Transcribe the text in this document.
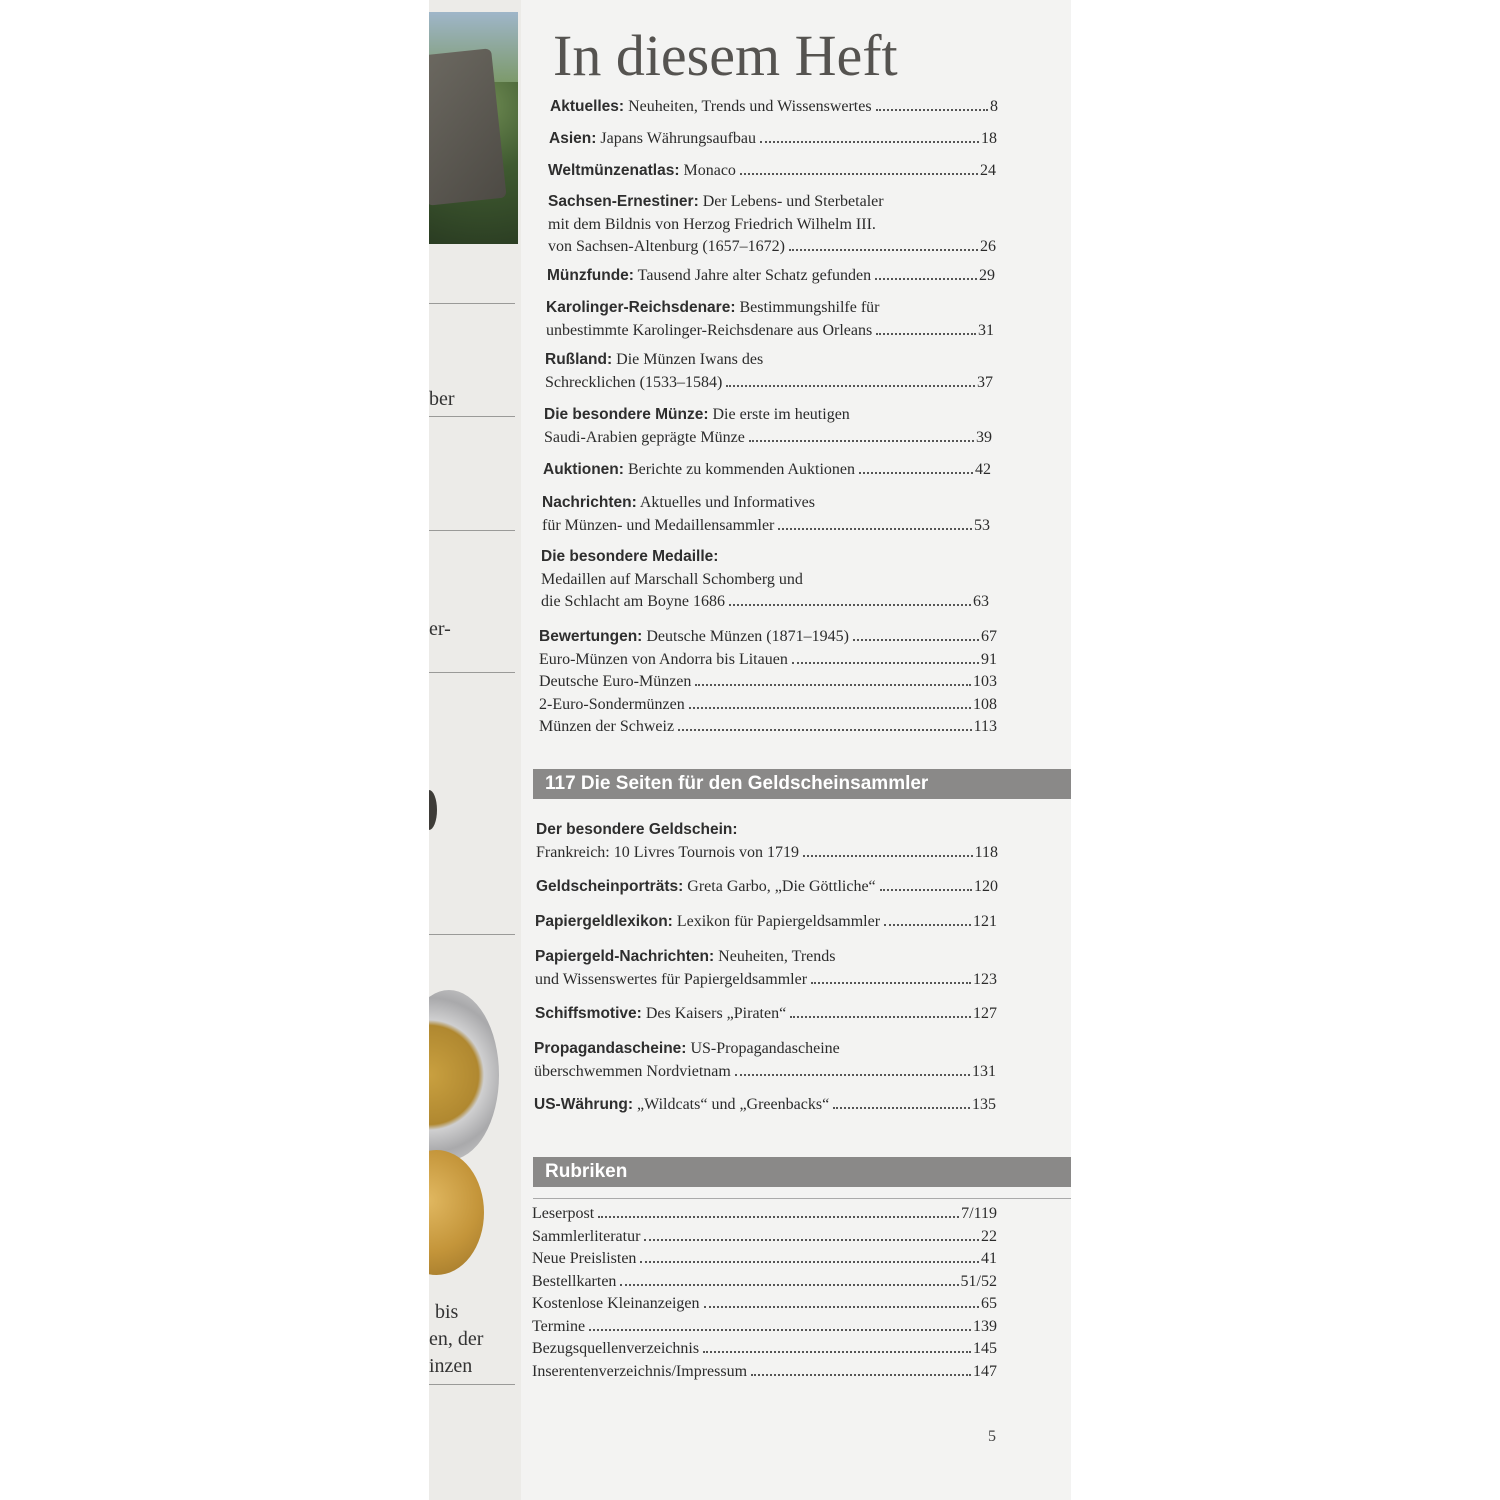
ber
er-
bis
en, der
inzen
In diesem Heft
117 Die Seiten für den Geldscheinsammler
Rubriken
5
Aktuelles: Neuheiten, Trends und Wissenswertes	8
Asien: Japans Währungsaufbau	18
Weltmünzenatlas: Monaco	24
Sachsen-Ernestiner: Der Lebens- und Sterbetaler
mit dem Bildnis von Herzog Friedrich Wilhelm III.
von Sachsen-Altenburg (1657–1672)	26
Münzfunde: Tausend Jahre alter Schatz gefunden	29
Karolinger-Reichsdenare: Bestimmungshilfe für
unbestimmte Karolinger-Reichsdenare aus Orleans	31
Rußland: Die Münzen Iwans des
Schrecklichen (1533–1584)	37
Die besondere Münze: Die erste im heutigen
Saudi-Arabien geprägte Münze	39
Auktionen: Berichte zu kommenden Auktionen	42
Nachrichten: Aktuelles und Informatives
für Münzen- und Medaillensammler	53
Die besondere Medaille:
Medaillen auf Marschall Schomberg und
die Schlacht am Boyne 1686	63
Bewertungen: Deutsche Münzen (1871–1945)	67
Euro-Münzen von Andorra bis Litauen	91
Deutsche Euro-Münzen	103
2-Euro-Sondermünzen	108
Münzen der Schweiz	113
Der besondere Geldschein:
Frankreich: 10 Livres Tournois von 1719	118
Geldscheinporträts: Greta Garbo, „Die Göttliche“	120
Papiergeldlexikon: Lexikon für Papiergeldsammler	121
Papiergeld-Nachrichten: Neuheiten, Trends
und Wissenswertes für Papiergeldsammler	123
Schiffsmotive: Des Kaisers „Piraten“	127
Propagandascheine: US-Propagandascheine
überschwemmen Nordvietnam	131
US-Währung: „Wildcats“ und „Greenbacks“	135
Leserpost	7/119
Sammlerliteratur	22
Neue Preislisten	41
Bestellkarten	51/52
Kostenlose Kleinanzeigen	65
Termine	139
Bezugsquellenverzeichnis	145
Inserentenverzeichnis/Impressum	147
